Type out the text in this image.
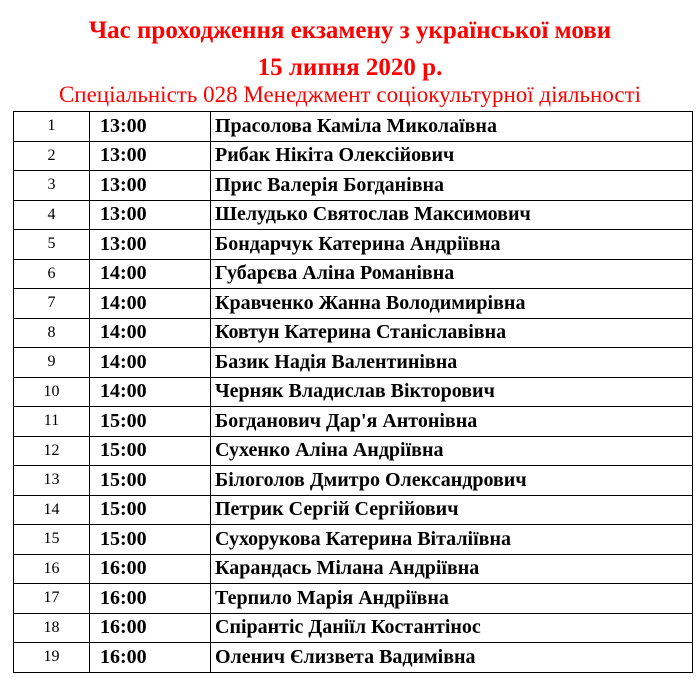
Час проходження екзамену з української мови
15 липня 2020 р.
Спеціальність 028 Менеджмент соціокультурної діяльності
1	13:00	Прасолова Каміла Миколаївна
2	13:00	Рибак Нікіта Олексійович
3	13:00	Прис Валерія Богданівна
4	13:00	Шелудько Святослав Максимович
5	13:00	Бондарчук Катерина Андріївна
6	14:00	Губарєва Аліна Романівна
7	14:00	Кравченко Жанна Володимирівна
8	14:00	Ковтун Катерина Станіславівна
9	14:00	Базик Надія Валентинівна
10	14:00	Черняк Владислав Вікторович
11	15:00	Богданович Дар'я Антонівна
12	15:00	Сухенко Аліна Андріївна
13	15:00	Білоголов Дмитро Олександрович
14	15:00	Петрик Сергій Сергійович
15	15:00	Сухорукова Катерина Віталіївна
16	16:00	Карандась Мілана Андріївна
17	16:00	Терпило Марія Андріївна
18	16:00	Спірантіс Даніїл Костантінос
19	16:00	Оленич Єлизвета Вадимівна
